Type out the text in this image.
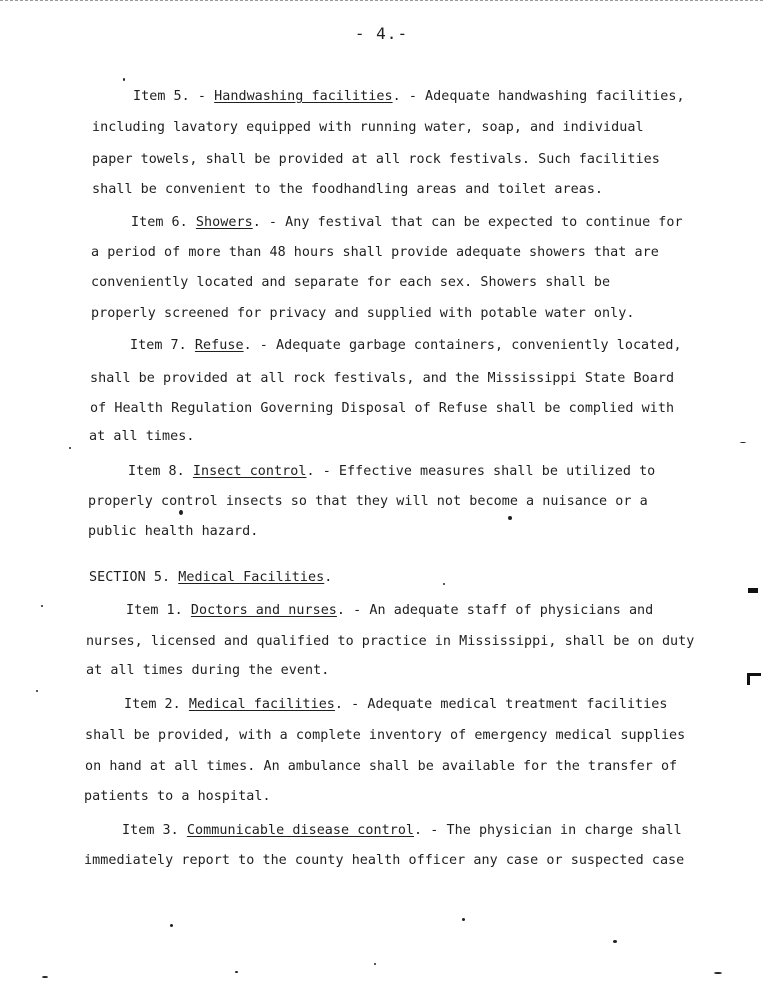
- 4.-
Item 5. - Handwashing facilities. - Adequate handwashing facilities,
including lavatory equipped with running water, soap, and individual
paper towels, shall be provided at all rock festivals. Such facilities
shall be convenient to the foodhandling areas and toilet areas.
Item 6. Showers. - Any festival that can be expected to continue for
a period of more than 48 hours shall provide adequate showers that are
conveniently located and separate for each sex. Showers shall be
properly screened for privacy and supplied with potable water only.
Item 7. Refuse. - Adequate garbage containers, conveniently located,
shall be provided at all rock festivals, and the Mississippi State Board
of Health Regulation Governing Disposal of Refuse shall be complied with
at all times.
Item 8. Insect control. - Effective measures shall be utilized to
properly control insects so that they will not become a nuisance or a
public health hazard.
SECTION 5. Medical Facilities.
Item 1. Doctors and nurses. - An adequate staff of physicians and
nurses, licensed and qualified to practice in Mississippi, shall be on duty
at all times during the event.
Item 2. Medical facilities. - Adequate medical treatment facilities
shall be provided, with a complete inventory of emergency medical supplies
on hand at all times. An ambulance shall be available for the transfer of
patients to a hospital.
Item 3. Communicable disease control. - The physician in charge shall
immediately report to the county health officer any case or suspected case
